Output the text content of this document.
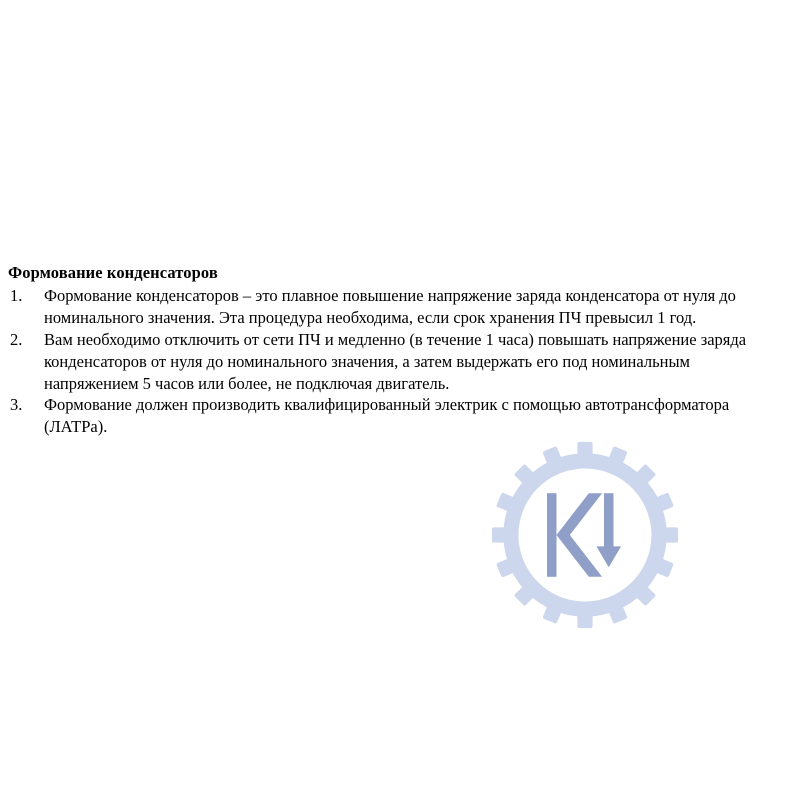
Формование конденсаторов
1.	Формование конденсаторов – это плавное повышение напряжение заряда конденсатора от нуля до номинального значения. Эта процедура необходима, если срок хранения ПЧ превысил 1 год.
2.	Вам необходимо отключить от сети ПЧ и медленно (в течение 1 часа) повышать напряжение заряда конденсаторов от нуля до номинального значения, а затем выдержать его под номинальным напряжением 5 часов или более, не подключая двигатель.
3.	Формование должен производить квалифицированный электрик с помощью автотрансформатора (ЛАТРа).
